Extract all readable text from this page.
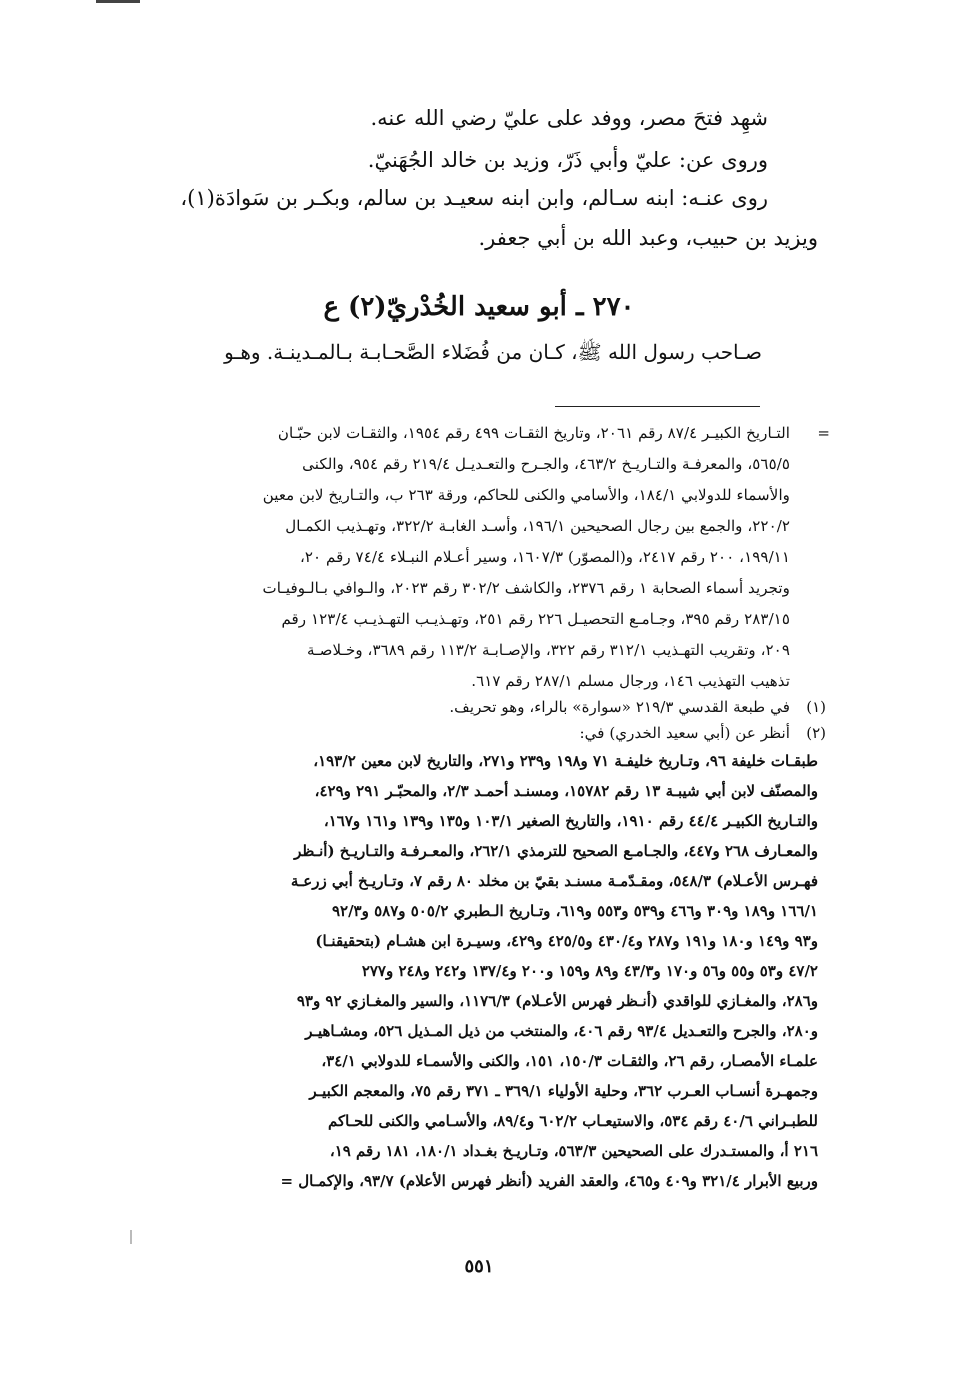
شهِد فتحَ مصر، ووفد على عليّ رضي الله عنه.
وروى عن: عليّ وأبي ذَرّ، وزيد بن خالد الجُهَنيّ.
روى عنـه: ابنه سـالم، وابن ابنه سعيـد بن سالم، وبكـر بن سَوادَة(١)،
ويزيد بن حبيب، وعبد الله بن أبي جعفر.
٢٧٠ ـ أبو سعيد الخُدْريّ(٢) ع
صـاحب رسول الله ﷺ، كـان من فُضَلاء الصَّحـابـة بـالمـدينـة. وهـو
=
التـاريخ الكبيـر ٨٧/٤ رقم ٢٠٦١، وتاريخ الثقـات ٤٩٩ رقم ١٩٥٤، والثقـات لابن حبّـان
٥٦٥/٥، والمعرفـة والتـاريـخ ٤٦٣/٢، والجـرح والتعـديـل ٢١٩/٤ رقم ٩٥٤، والكنى
والأسماء للدولابي ١٨٤/١، والأسامي والكنى للحاكم، ورقة ٢٦٣ ب، والتـاريخ لابن معين
٢٢٠/٢، والجمع بين رجال الصحيحين ١٩٦/١، وأسـد الغابـة ٣٢٢/٢، وتهـذيب الكمـال
١٩٩/١١، ٢٠٠ رقم ٢٤١٧، و(المصوّر) ١٦٠٧/٣، وسير أعـلام النبـلاء ٧٤/٤ رقم ٢٠،
وتجريد أسماء الصحابة ١ رقم ٢٣٧٦، والكاشف ٣٠٢/٢ رقم ٢٠٢٣، والـوافي بـالـوفيـات
٢٨٣/١٥ رقم ٣٩٥، وجـامـع التحصيـل ٢٢٦ رقم ٢٥١، وتهـذيـب التهـذيـب ١٢٣/٤ رقم
٢٠٩، وتقريب التهـذيب ٣١٢/١ رقم ٣٢٢، والإصـابـة ١١٣/٢ رقم ٣٦٨٩، وخـلاصـة
تذهيب التهذيب ١٤٦، ورجال مسلم ٢٨٧/١ رقم ٦١٧.
(١)
في طبعة القدسي ٢١٩/٣ «سوارة» بالراء، وهو تحريف.
(٢)
أنظر عن (أبي سعيد الخدري) في:
طبقـات خليفة ٩٦، وتـاريخ خليفـة ٧١ و١٩٨ و٢٣٩ و٢٧١، والتاريخ لابن معين ١٩٣/٢،
والمصنّف لابن أبي شيبـة ١٣ رقم ١٥٧٨٢، ومسنـد أحمـد ٢/٣، والمحبّـر ٢٩١ و٤٢٩،
والتـاريخ الكبيـر ٤٤/٤ رقم ١٩١٠، والتاريخ الصغير ١٠٣/١ و١٣٥ و١٣٩ و١٦١ و١٦٧،
والمعـارف ٢٦٨ و٤٤٧، والجـامـع الصحيح للترمذي ٢٦٢/١، والمعـرفـة والتـاريـخ (أنـظر
فهـرس الأعـلام) ٥٤٨/٣، ومقـدّمـة مسنـد بقيّ بن مخلد ٨٠ رقم ٧، وتـاريـخ أبي زرعـة
١٦٦/١ و١٨٩ و٣٠٩ و٤٦٦ و٥٣٩ و٥٥٣ و٦١٩، وتـاريخ الـطبري ٥٠٥/٢ و٥٨٧ و٩٢/٣
و٩٣ و١٤٩ و١٨٠ و١٩١ و٢٨٧ و٤٣٠/٤ و٤٢٥/٥ و٤٢٩، وسيـرة ابن هشـام (بتحقيقنـا)
٤٧/٢ و٥٣ و٥٥ و٥٦ و١٧٠ و٤٣/٣ و٨٩ و١٥٩ و٢٠٠ و١٣٧/٤ و٢٤٢ و٢٤٨ و٢٧٧
و٢٨٦، والمغـازي للواقدي (أنـظر فهرس الأعـلام) ١١٧٦/٣، والسير والمغـازي ٩٢ و٩٣
و٢٨٠، والجرح والتعـديل ٩٣/٤ رقم ٤٠٦، والمنتخب من ذيل المـذيل ٥٢٦، ومشـاهيـر
علمـاء الأمصـار، رقم ٢٦، والثقـات ١٥٠/٣، ١٥١، والكنى والأسمـاء للدولابي ٣٤/١،
وجمهـرة أنسـاب العـرب ٣٦٢، وحلية الأولياء ٣٦٩/١ ـ ٣٧١ رقم ٧٥، والمعجم الكبيـر
للطبـراني ٤٠/٦ رقم ٥٣٤، والاستيعـاب ٦٠٢/٢ و٨٩/٤، والأسـامي والكنى للحـاكم
٢١٦ أ، والمستـدرك على الصحيحين ٥٦٣/٣، وتـاريـخ بغـداد ١٨٠/١، ١٨١ رقم ١٩،
وربيع الأبرار ٣٢١/٤ و٤٠٩ و٤٦٥، والعقد الفريد (أنظر فهرس الأعلام) ٩٣/٧، والإكمـال =
٥٥١
